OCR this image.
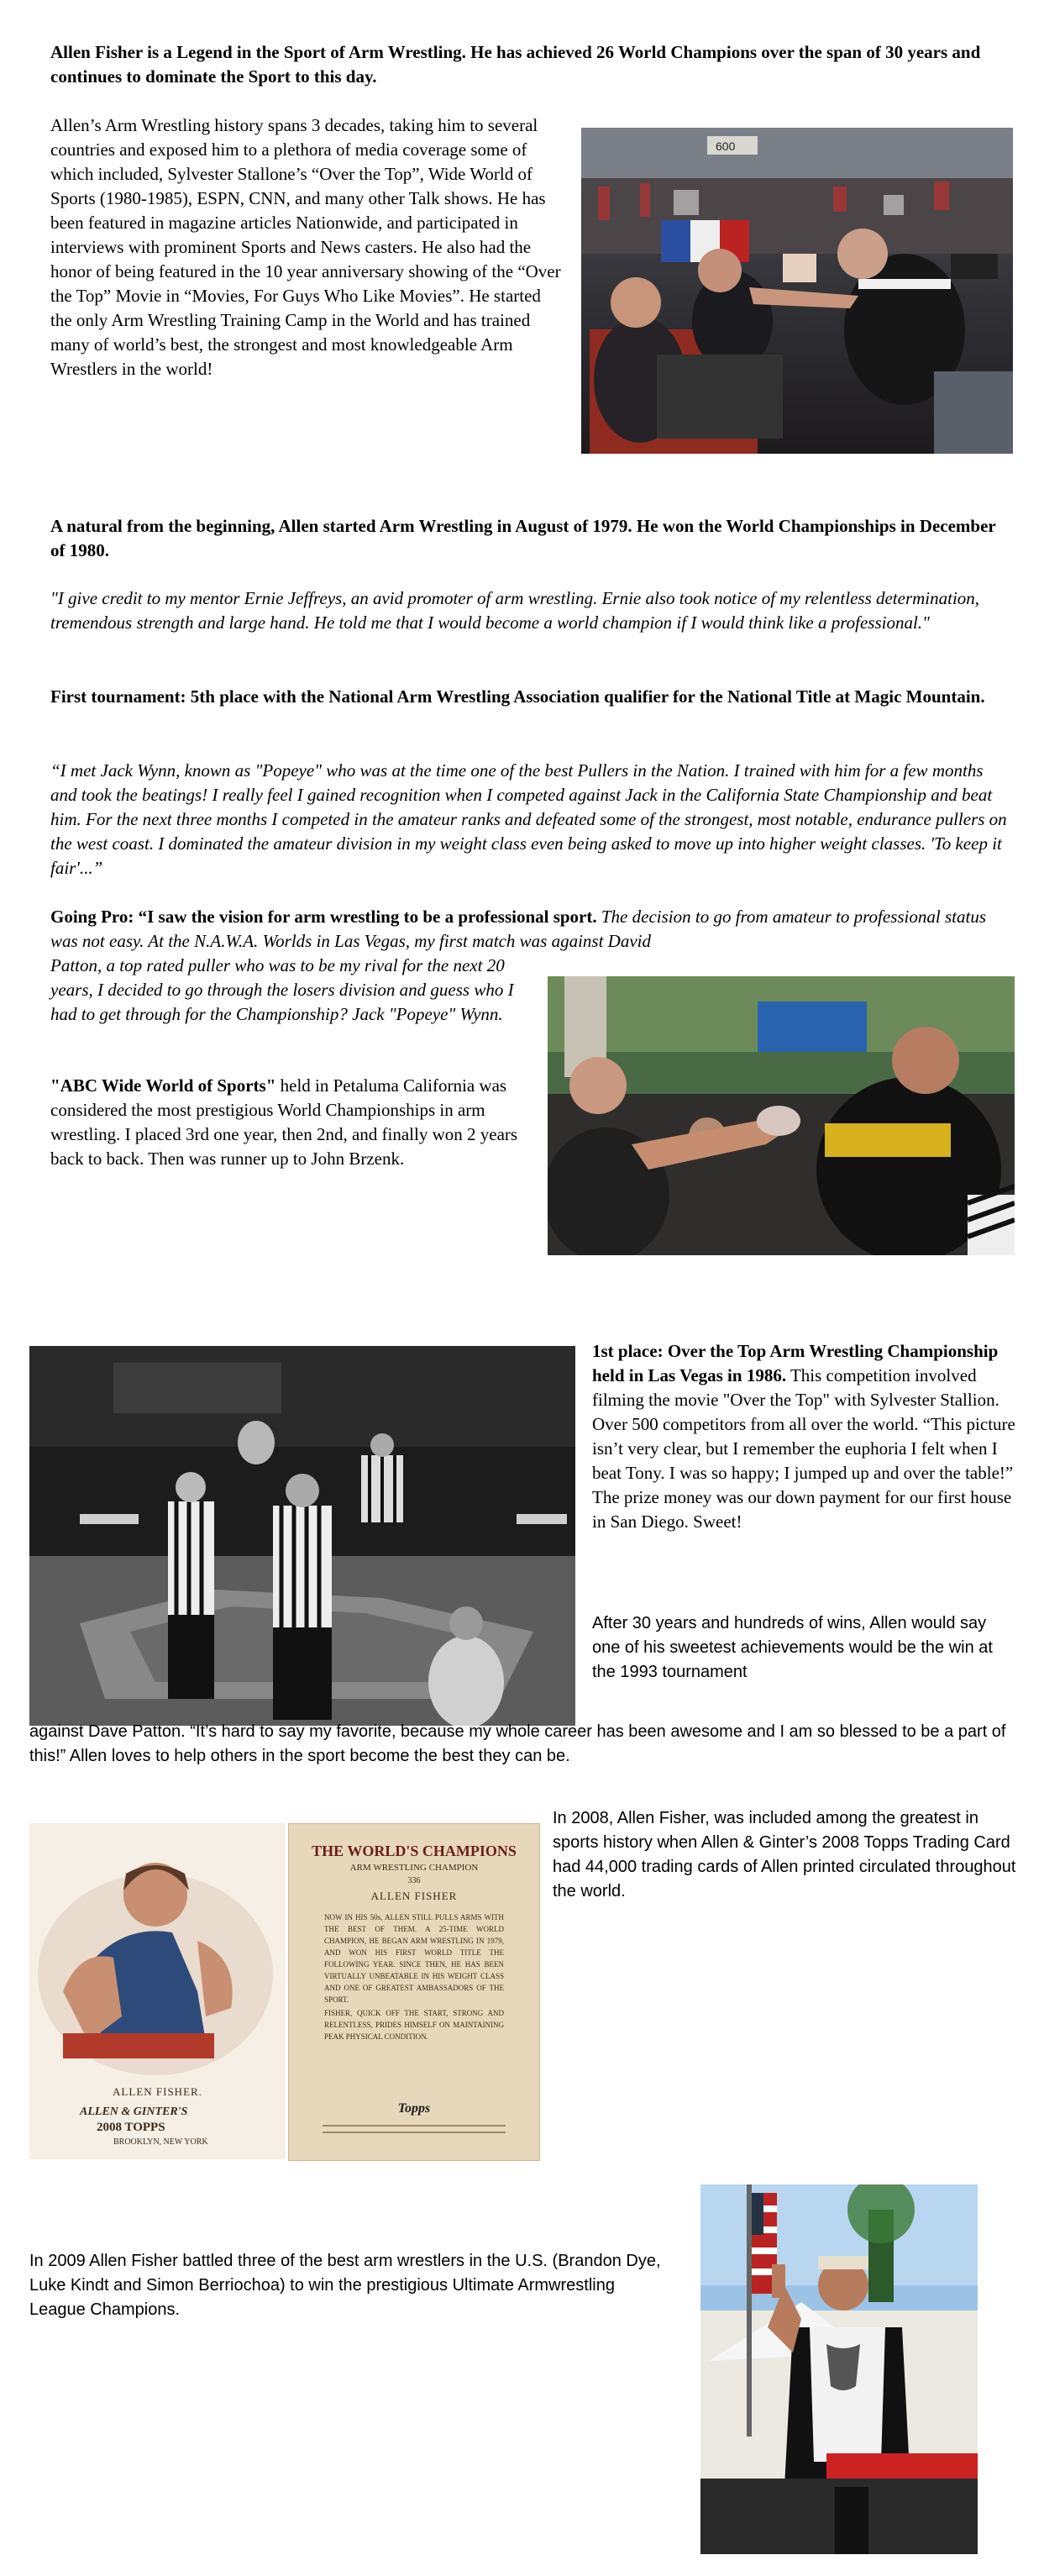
Allen Fisher is a Legend in the Sport of Arm Wrestling. He has achieved 26 World Champions over the span of 30 years and continues to dominate the Sport to this day.

Allen’s Arm Wrestling history spans 3 decades, taking him to several countries and exposed him to a plethora of media coverage some of which included, Sylvester Stallone’s “Over the Top”, Wide World of Sports (1980-1985), ESPN, CNN, and many other Talk shows. He has been featured in magazine articles Nationwide, and participated in interviews with prominent Sports and News casters. He also had the honor of being featured in the 10 year anniversary showing of the “Over the Top” Movie in “Movies, For Guys Who Like Movies”. He started the only Arm Wrestling Training Camp in the World and has trained many of world’s best, the strongest and most knowledgeable Arm Wrestlers in the world!

600

A natural from the beginning, Allen started Arm Wrestling in August of 1979. He won the World Championships in December of 1980.

"I give credit to my mentor Ernie Jeffreys, an avid promoter of arm wrestling. Ernie also took notice of my relentless determination, tremendous strength and large hand. He told me that I would become a world champion if I would think like a professional."

First tournament: 5th place with the National Arm Wrestling Association qualifier for the National Title at Magic Mountain.

“I met Jack Wynn, known as "Popeye" who was at the time one of the best Pullers in the Nation. I trained with him for a few months and took the beatings! I really feel I gained recognition when I competed against Jack in the California State Championship and beat him. For the next three months I competed in the amateur ranks and defeated some of the strongest, most notable, endurance pullers on the west coast. I dominated the amateur division in my weight class even being asked to move up into higher weight classes. 'To keep it fair'...”

Going Pro: “I saw the vision for arm wrestling to be a professional sport. The decision to go from amateur to professional status was not easy. At the N.A.W.A. Worlds in Las Vegas, my first match was against David

Patton, a top rated puller who was to be my rival for the next 20 years, I decided to go through the losers division and guess who I had to get through for the Championship? Jack "Popeye" Wynn.

"ABC Wide World of Sports" held in Petaluma California was considered the most prestigious World Championships in arm wrestling. I placed 3rd one year, then 2nd, and finally won 2 years back to back. Then was runner up to John Brzenk.

1st place: Over the Top Arm Wrestling Championship held in Las Vegas in 1986. This competition involved filming the movie "Over the Top" with Sylvester Stallion. Over 500 competitors from all over the world. “This picture isn’t very clear, but I remember the euphoria I felt when I beat Tony. I was so happy; I jumped up and over the table!” The prize money was our down payment for our first house in San Diego. Sweet!

After 30 years and hundreds of wins, Allen would say one of his sweetest achievements would be the win at the 1993 tournament

against Dave Patton. “It’s hard to say my favorite, because my whole career has been awesome and I am so blessed to be a part of this!” Allen loves to help others in the sport become the best they can be.

ALLEN FISHER.
ALLEN & GINTER'S
2008 TOPPS
BROOKLYN, NEW YORK
THE WORLD'S CHAMPIONS
ARM WRESTLING CHAMPION
336
ALLEN FISHER
NOW IN HIS 50s, ALLEN STILL PULLS ARMS WITH THE BEST OF THEM. A 25-TIME WORLD CHAMPION, HE BEGAN ARM WRESTLING IN 1979, AND WON HIS FIRST WORLD TITLE THE FOLLOWING YEAR. SINCE THEN, HE HAS BEEN VIRTUALLY UNBEATABLE IN HIS WEIGHT CLASS AND ONE OF GREATEST AMBASSADORS OF THE SPORT.
FISHER, QUICK OFF THE START, STRONG AND RELENTLESS, PRIDES HIMSELF ON MAINTAINING PEAK PHYSICAL CONDITION.
Topps

In 2008, Allen Fisher, was included among the greatest in sports history when Allen & Ginter’s 2008 Topps Trading Card had 44,000 trading cards of Allen printed circulated throughout the world.

In 2009 Allen Fisher battled three of the best arm wrestlers in the U.S. (Brandon Dye, Luke Kindt and Simon Berriochoa) to win the prestigious Ultimate Armwrestling League Champions.
